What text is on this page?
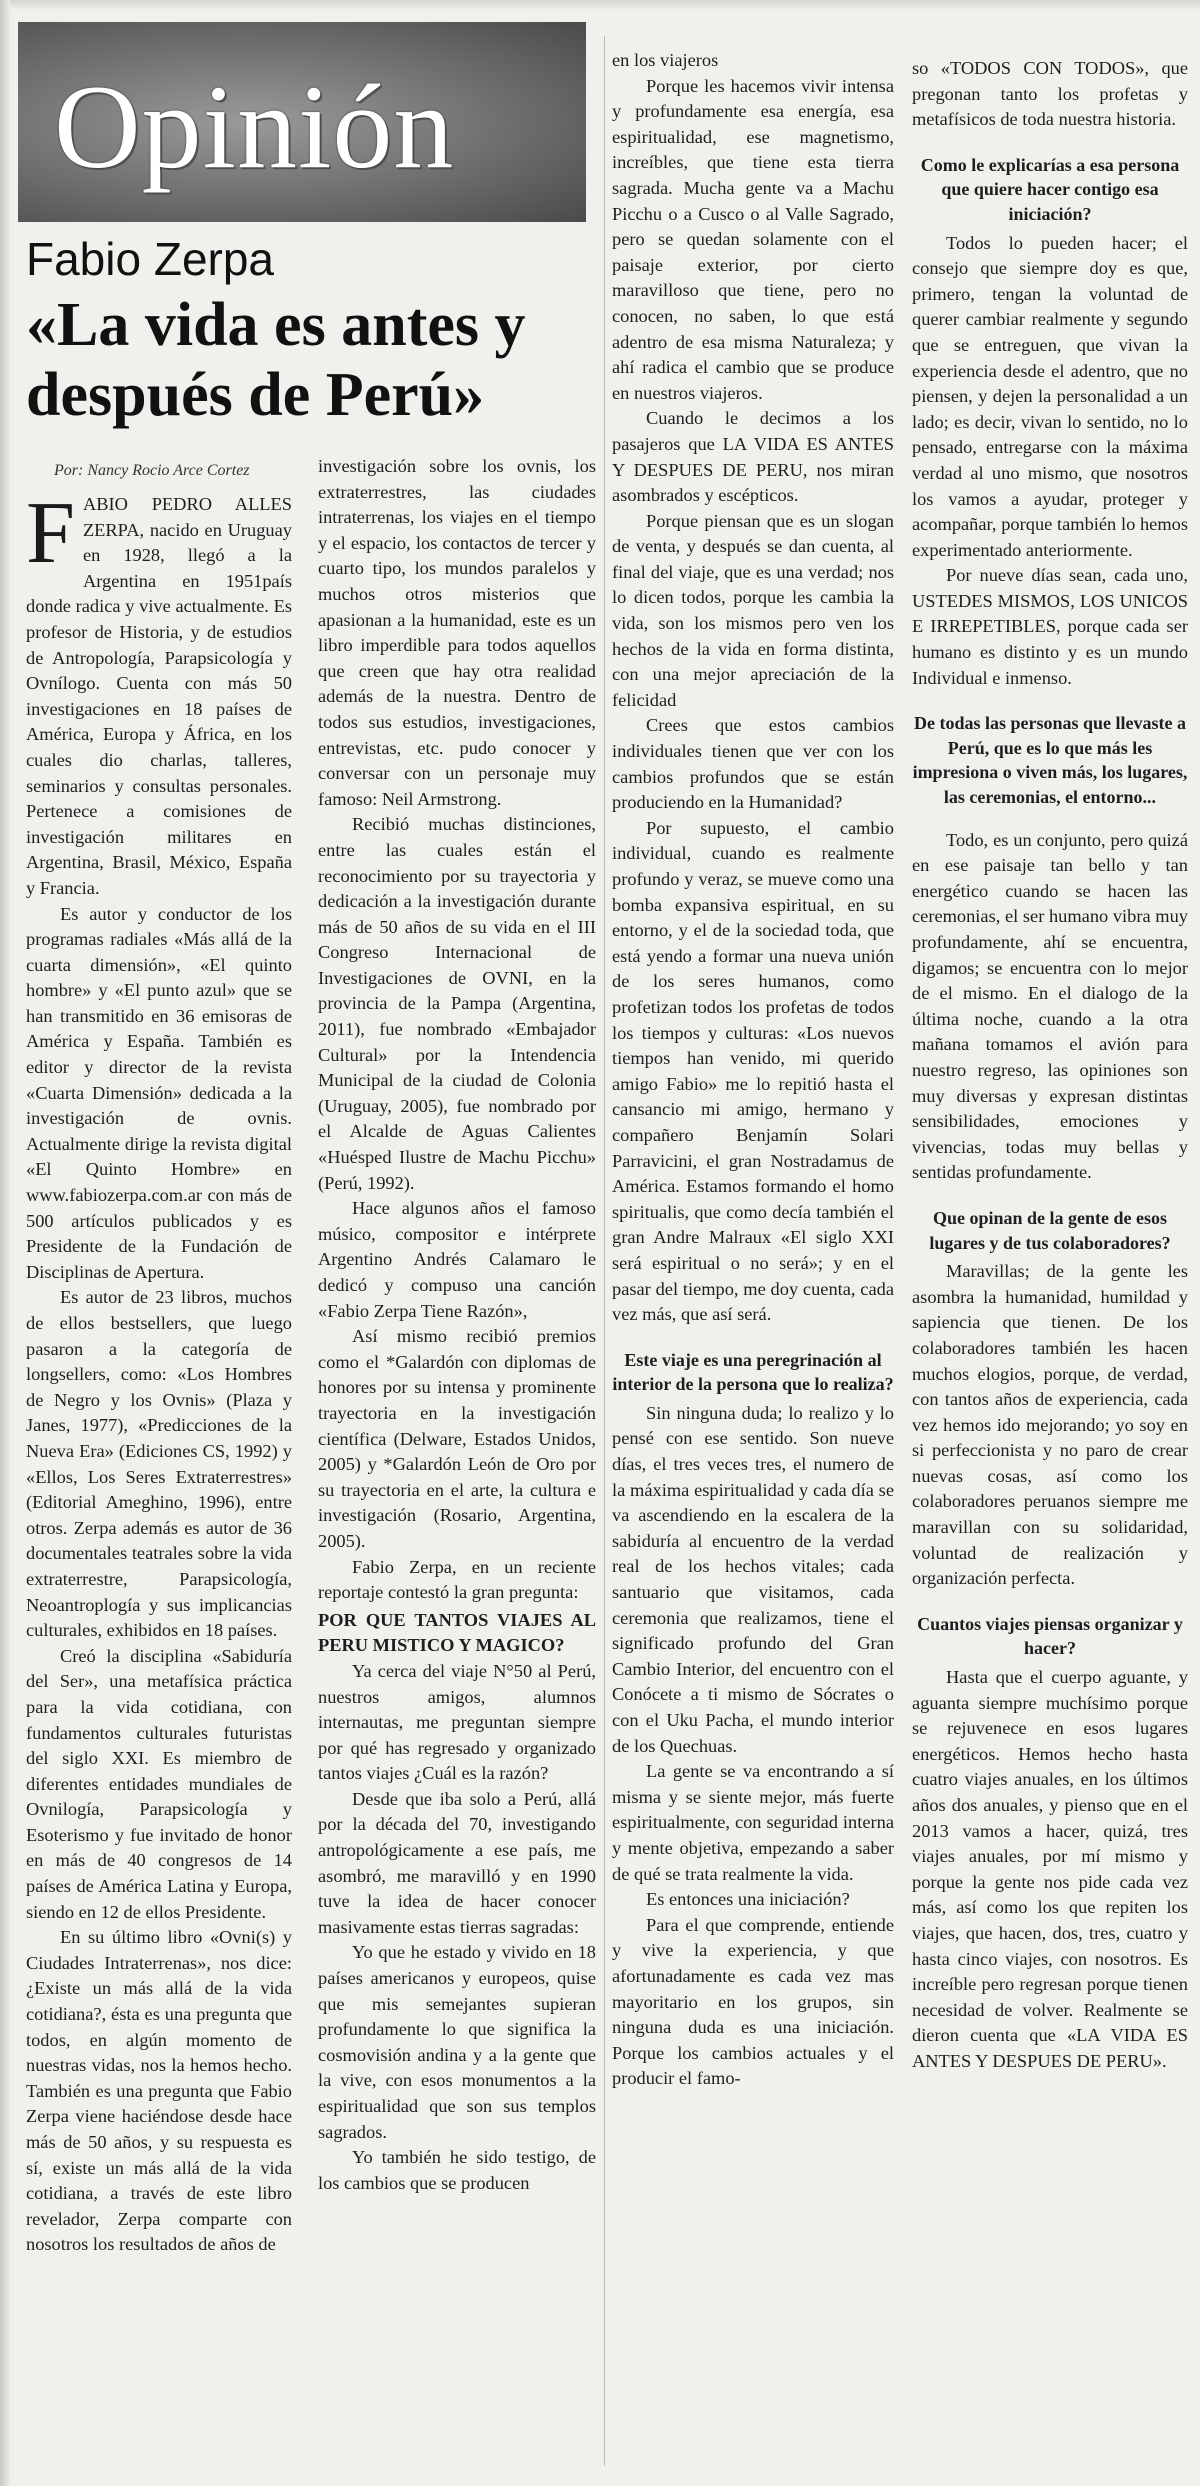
Opinión
Fabio Zerpa
«La vida es antes y después de Perú»
Por: Nancy Rocio Arce Cortez

FABIO PEDRO ALLES ZERPA, nacido en Uruguay en 1928, llegó a la Argentina en 1951país donde radica y vive actualmente. Es profesor de Historia, y de estudios de Antropología, Parapsicología y Ovnílogo. Cuenta con más 50 investigaciones en 18 países de América, Europa y África, en los cuales dio charlas, talleres, seminarios y consultas personales. Pertenece a comisiones de investigación militares en Argentina, Brasil, México, España y Francia.

Es autor y conductor de los programas radiales «Más allá de la cuarta dimensión», «El quinto hombre» y «El punto azul» que se han transmitido en 36 emisoras de América y España. También es editor y director de la revista «Cuarta Dimensión» dedicada a la investigación de ovnis. Actualmente dirige la revista digital «El Quinto Hombre» en www.fabiozerpa.com.ar con más de 500 artículos publicados y es Presidente de la Fundación de Disciplinas de Apertura.

Es autor de 23 libros, muchos de ellos bestsellers, que luego pasaron a la categoría de longsellers, como: «Los Hombres de Negro y los Ovnis» (Plaza y Janes, 1977), «Predicciones de la Nueva Era» (Ediciones CS, 1992) y «Ellos, Los Seres Extraterrestres» (Editorial Ameghino, 1996), entre otros. Zerpa además es autor de 36 documentales teatrales sobre la vida extraterrestre, Parapsicología, Neoantroplogía y sus implicancias culturales, exhibidos en 18 países.

Creó la disciplina «Sabiduría del Ser», una metafísica práctica para la vida cotidiana, con fundamentos culturales futuristas del siglo XXI. Es miembro de diferentes entidades mundiales de Ovnilogía, Parapsicología y Esoterismo y fue invitado de honor en más de 40 congresos de 14 países de América Latina y Europa, siendo en 12 de ellos Presidente.

En su último libro «Ovni(s) y Ciudades Intraterrenas», nos dice: ¿Existe un más allá de la vida cotidiana?, ésta es una pregunta que todos, en algún momento de nuestras vidas, nos la hemos hecho. También es una pregunta que Fabio Zerpa viene haciéndose desde hace más de 50 años, y su respuesta es sí, existe un más allá de la vida cotidiana, a través de este libro revelador, Zerpa comparte con nosotros los resultados de años de

investigación sobre los ovnis, los extraterrestres, las ciudades intraterrenas, los viajes en el tiempo y el espacio, los contactos de tercer y cuarto tipo, los mundos paralelos y muchos otros misterios que apasionan a la humanidad, este es un libro imperdible para todos aquellos que creen que hay otra realidad además de la nuestra. Dentro de todos sus estudios, investigaciones, entrevistas, etc. pudo conocer y conversar con un personaje muy famoso: Neil Armstrong.

Recibió muchas distinciones, entre las cuales están el reconocimiento por su trayectoria y dedicación a la investigación durante más de 50 años de su vida en el III Congreso Internacional de Investigaciones de OVNI, en la provincia de la Pampa (Argentina, 2011), fue nombrado «Embajador Cultural» por la Intendencia Municipal de la ciudad de Colonia (Uruguay, 2005), fue nombrado por el Alcalde de Aguas Calientes «Huésped Ilustre de Machu Picchu» (Perú, 1992).

Hace algunos años el famoso músico, compositor e intérprete Argentino Andrés Calamaro le dedicó y compuso una canción «Fabio Zerpa Tiene Razón»,

Así mismo recibió premios como el *Galardón con diplomas de honores por su intensa y prominente trayectoria en la investigación científica (Delware, Estados Unidos, 2005) y *Galardón León de Oro por su trayectoria en el arte, la cultura e investigación (Rosario, Argentina, 2005).

Fabio Zerpa, en un reciente reportaje contestó la gran pregunta:

POR QUE TANTOS VIAJES AL PERU MISTICO Y MAGICO?

Ya cerca del viaje N°50 al Perú, nuestros amigos, alumnos internautas, me preguntan siempre por qué has regresado y organizado tantos viajes ¿Cuál es la razón?

Desde que iba solo a Perú, allá por la década del 70, investigando antropológicamente a ese país, me asombró, me maravilló y en 1990 tuve la idea de hacer conocer masivamente estas tierras sagradas:

Yo que he estado y vivido en 18 países americanos y europeos, quise que mis semejantes supieran profundamente lo que significa la cosmovisión andina y a la gente que la vive, con esos monumentos a la espiritualidad que son sus templos sagrados.

Yo también he sido testigo, de los cambios que se producen

en los viajeros

Porque les hacemos vivir intensa y profundamente esa energía, esa espiritualidad, ese magnetismo, increíbles, que tiene esta tierra sagrada. Mucha gente va a Machu Picchu o a Cusco o al Valle Sagrado, pero se quedan solamente con el paisaje exterior, por cierto maravilloso que tiene, pero no conocen, no saben, lo que está adentro de esa misma Naturaleza; y ahí radica el cambio que se produce en nuestros viajeros.

Cuando le decimos a los pasajeros que LA VIDA ES ANTES Y DESPUES DE PERU, nos miran asombrados y escépticos.

Porque piensan que es un slogan de venta, y después se dan cuenta, al final del viaje, que es una verdad; nos lo dicen todos, porque les cambia la vida, son los mismos pero ven los hechos de la vida en forma distinta, con una mejor apreciación de la felicidad

Crees que estos cambios individuales tienen que ver con los cambios profundos que se están produciendo en la Humanidad?

Por supuesto, el cambio individual, cuando es realmente profundo y veraz, se mueve como una bomba expansiva espiritual, en su entorno, y el de la sociedad toda, que está yendo a formar una nueva unión de los seres humanos, como profetizan todos los profetas de todos los tiempos y culturas: «Los nuevos tiempos han venido, mi querido amigo Fabio» me lo repitió hasta el cansancio mi amigo, hermano y compañero Benjamín Solari Parravicini, el gran Nostradamus de América. Estamos formando el homo spiritualis, que como decía también el gran Andre Malraux «El siglo XXI será espiritual o no será»; y en el pasar del tiempo, me doy cuenta, cada vez más, que así será.

Este viaje es una peregrinación al interior de la persona que lo realiza?

Sin ninguna duda; lo realizo y lo pensé con ese sentido. Son nueve días, el tres veces tres, el numero de la máxima espiritualidad y cada día se va ascendiendo en la escalera de la sabiduría al encuentro de la verdad real de los hechos vitales; cada santuario que visitamos, cada ceremonia que realizamos, tiene el significado profundo del Gran Cambio Interior, del encuentro con el Conócete a ti mismo de Sócrates o con el Uku Pacha, el mundo interior de los Quechuas.

La gente se va encontrando a sí misma y se siente mejor, más fuerte espiritualmente, con seguridad interna y mente objetiva, empezando a saber de qué se trata realmente la vida.

Es entonces una iniciación?

Para el que comprende, entiende y vive la experiencia, y que afortunadamente es cada vez mas mayoritario en los grupos, sin ninguna duda es una iniciación. Porque los cambios actuales y el producir el famo-

so «TODOS CON TODOS», que pregonan tanto los profetas y metafísicos de toda nuestra historia.

Como le explicarías a esa persona que quiere hacer contigo esa iniciación?

Todos lo pueden hacer; el consejo que siempre doy es que, primero, tengan la voluntad de querer cambiar realmente y segundo que se entreguen, que vivan la experiencia desde el adentro, que no piensen, y dejen la personalidad a un lado; es decir, vivan lo sentido, no lo pensado, entregarse con la máxima verdad al uno mismo, que nosotros los vamos a ayudar, proteger y acompañar, porque también lo hemos experimentado anteriormente.

Por nueve días sean, cada uno, USTEDES MISMOS, LOS UNICOS E IRREPETIBLES, porque cada ser humano es distinto y es un mundo Individual e inmenso.

De todas las personas que llevaste a Perú, que es lo que más les impresiona o viven más, los lugares, las ceremonias, el entorno...

Todo, es un conjunto, pero quizá en ese paisaje tan bello y tan energético cuando se hacen las ceremonias, el ser humano vibra muy profundamente, ahí se encuentra, digamos; se encuentra con lo mejor de el mismo. En el dialogo de la última noche, cuando a la otra mañana tomamos el avión para nuestro regreso, las opiniones son muy diversas y expresan distintas sensibilidades, emociones y vivencias, todas muy bellas y sentidas profundamente.

Que opinan de la gente de esos lugares y de tus colaboradores?

Maravillas; de la gente les asombra la humanidad, humildad y sapiencia que tienen. De los colaboradores también les hacen muchos elogios, porque, de verdad, con tantos años de experiencia, cada vez hemos ido mejorando; yo soy en si perfeccionista y no paro de crear nuevas cosas, así como los colaboradores peruanos siempre me maravillan con su solidaridad, voluntad de realización y organización perfecta.

Cuantos viajes piensas organizar y hacer?

Hasta que el cuerpo aguante, y aguanta siempre muchísimo porque se rejuvenece en esos lugares energéticos. Hemos hecho hasta cuatro viajes anuales, en los últimos años dos anuales, y pienso que en el 2013 vamos a hacer, quizá, tres viajes anuales, por mí mismo y porque la gente nos pide cada vez más, así como los que repiten los viajes, que hacen, dos, tres, cuatro y hasta cinco viajes, con nosotros. Es increíble pero regresan porque tienen necesidad de volver. Realmente se dieron cuenta que «LA VIDA ES ANTES Y DESPUES DE PERU».
